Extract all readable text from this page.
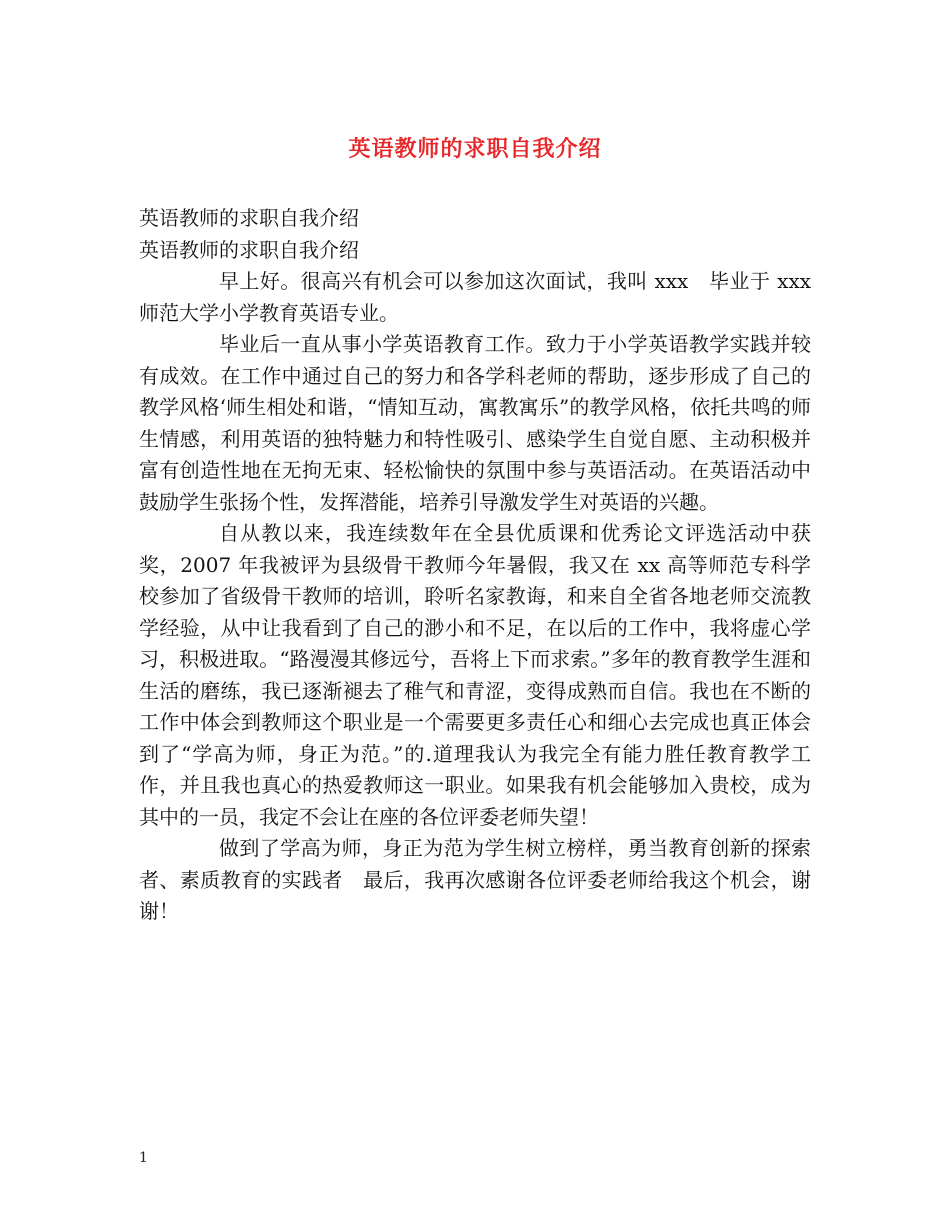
英语教师的求职自我介绍

英语教师的求职自我介绍

英语教师的求职自我介绍

早上好。很高兴有机会可以参加这次面试，我叫 xxx　毕业于 xxx 师范大学小学教育英语专业。

毕业后一直从事小学英语教育工作。致力于小学英语教学实践并较有成效。在工作中通过自己的努力和各学科老师的帮助，逐步形成了自己的教学风格‘师生相处和谐，“情知互动，寓教寓乐”的教学风格，依托共鸣的师生情感，利用英语的独特魅力和特性吸引、感染学生自觉自愿、主动积极并富有创造性地在无拘无束、轻松愉快的氛围中参与英语活动。在英语活动中鼓励学生张扬个性，发挥潜能，培养引导激发学生对英语的兴趣。

自从教以来，我连续数年在全县优质课和优秀论文评选活动中获奖，2007 年我被评为县级骨干教师今年暑假，我又在 xx 高等师范专科学校参加了省级骨干教师的培训，聆听名家教诲，和来自全省各地老师交流教学经验，从中让我看到了自己的渺小和不足，在以后的工作中，我将虚心学习，积极进取。“路漫漫其修远兮，吾将上下而求索。”多年的教育教学生涯和生活的磨练，我已逐渐褪去了稚气和青涩，变得成熟而自信。我也在不断的工作中体会到教师这个职业是一个需要更多责任心和细心去完成也真正体会到了“学高为师，身正为范。”的.道理我认为我完全有能力胜任教育教学工作，并且我也真心的热爱教师这一职业。如果我有机会能够加入贵校，成为其中的一员，我定不会让在座的各位评委老师失望！

做到了学高为师，身正为范为学生树立榜样，勇当教育创新的探索者、素质教育的实践者　最后，我再次感谢各位评委老师给我这个机会，谢谢！

1
